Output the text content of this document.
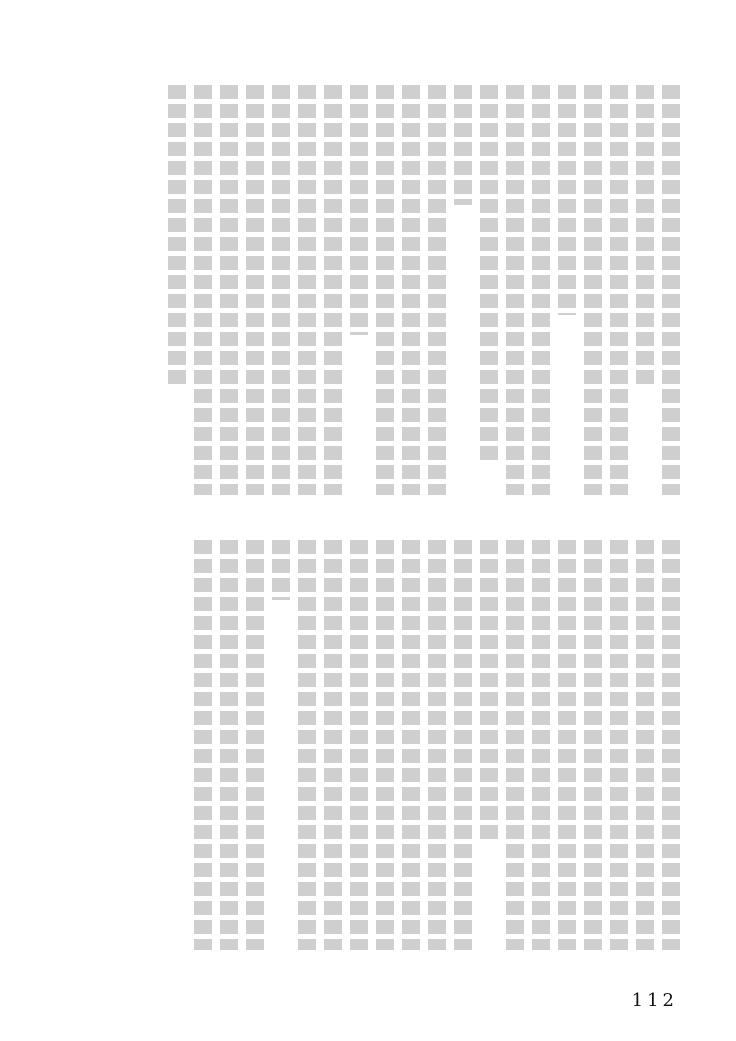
112
